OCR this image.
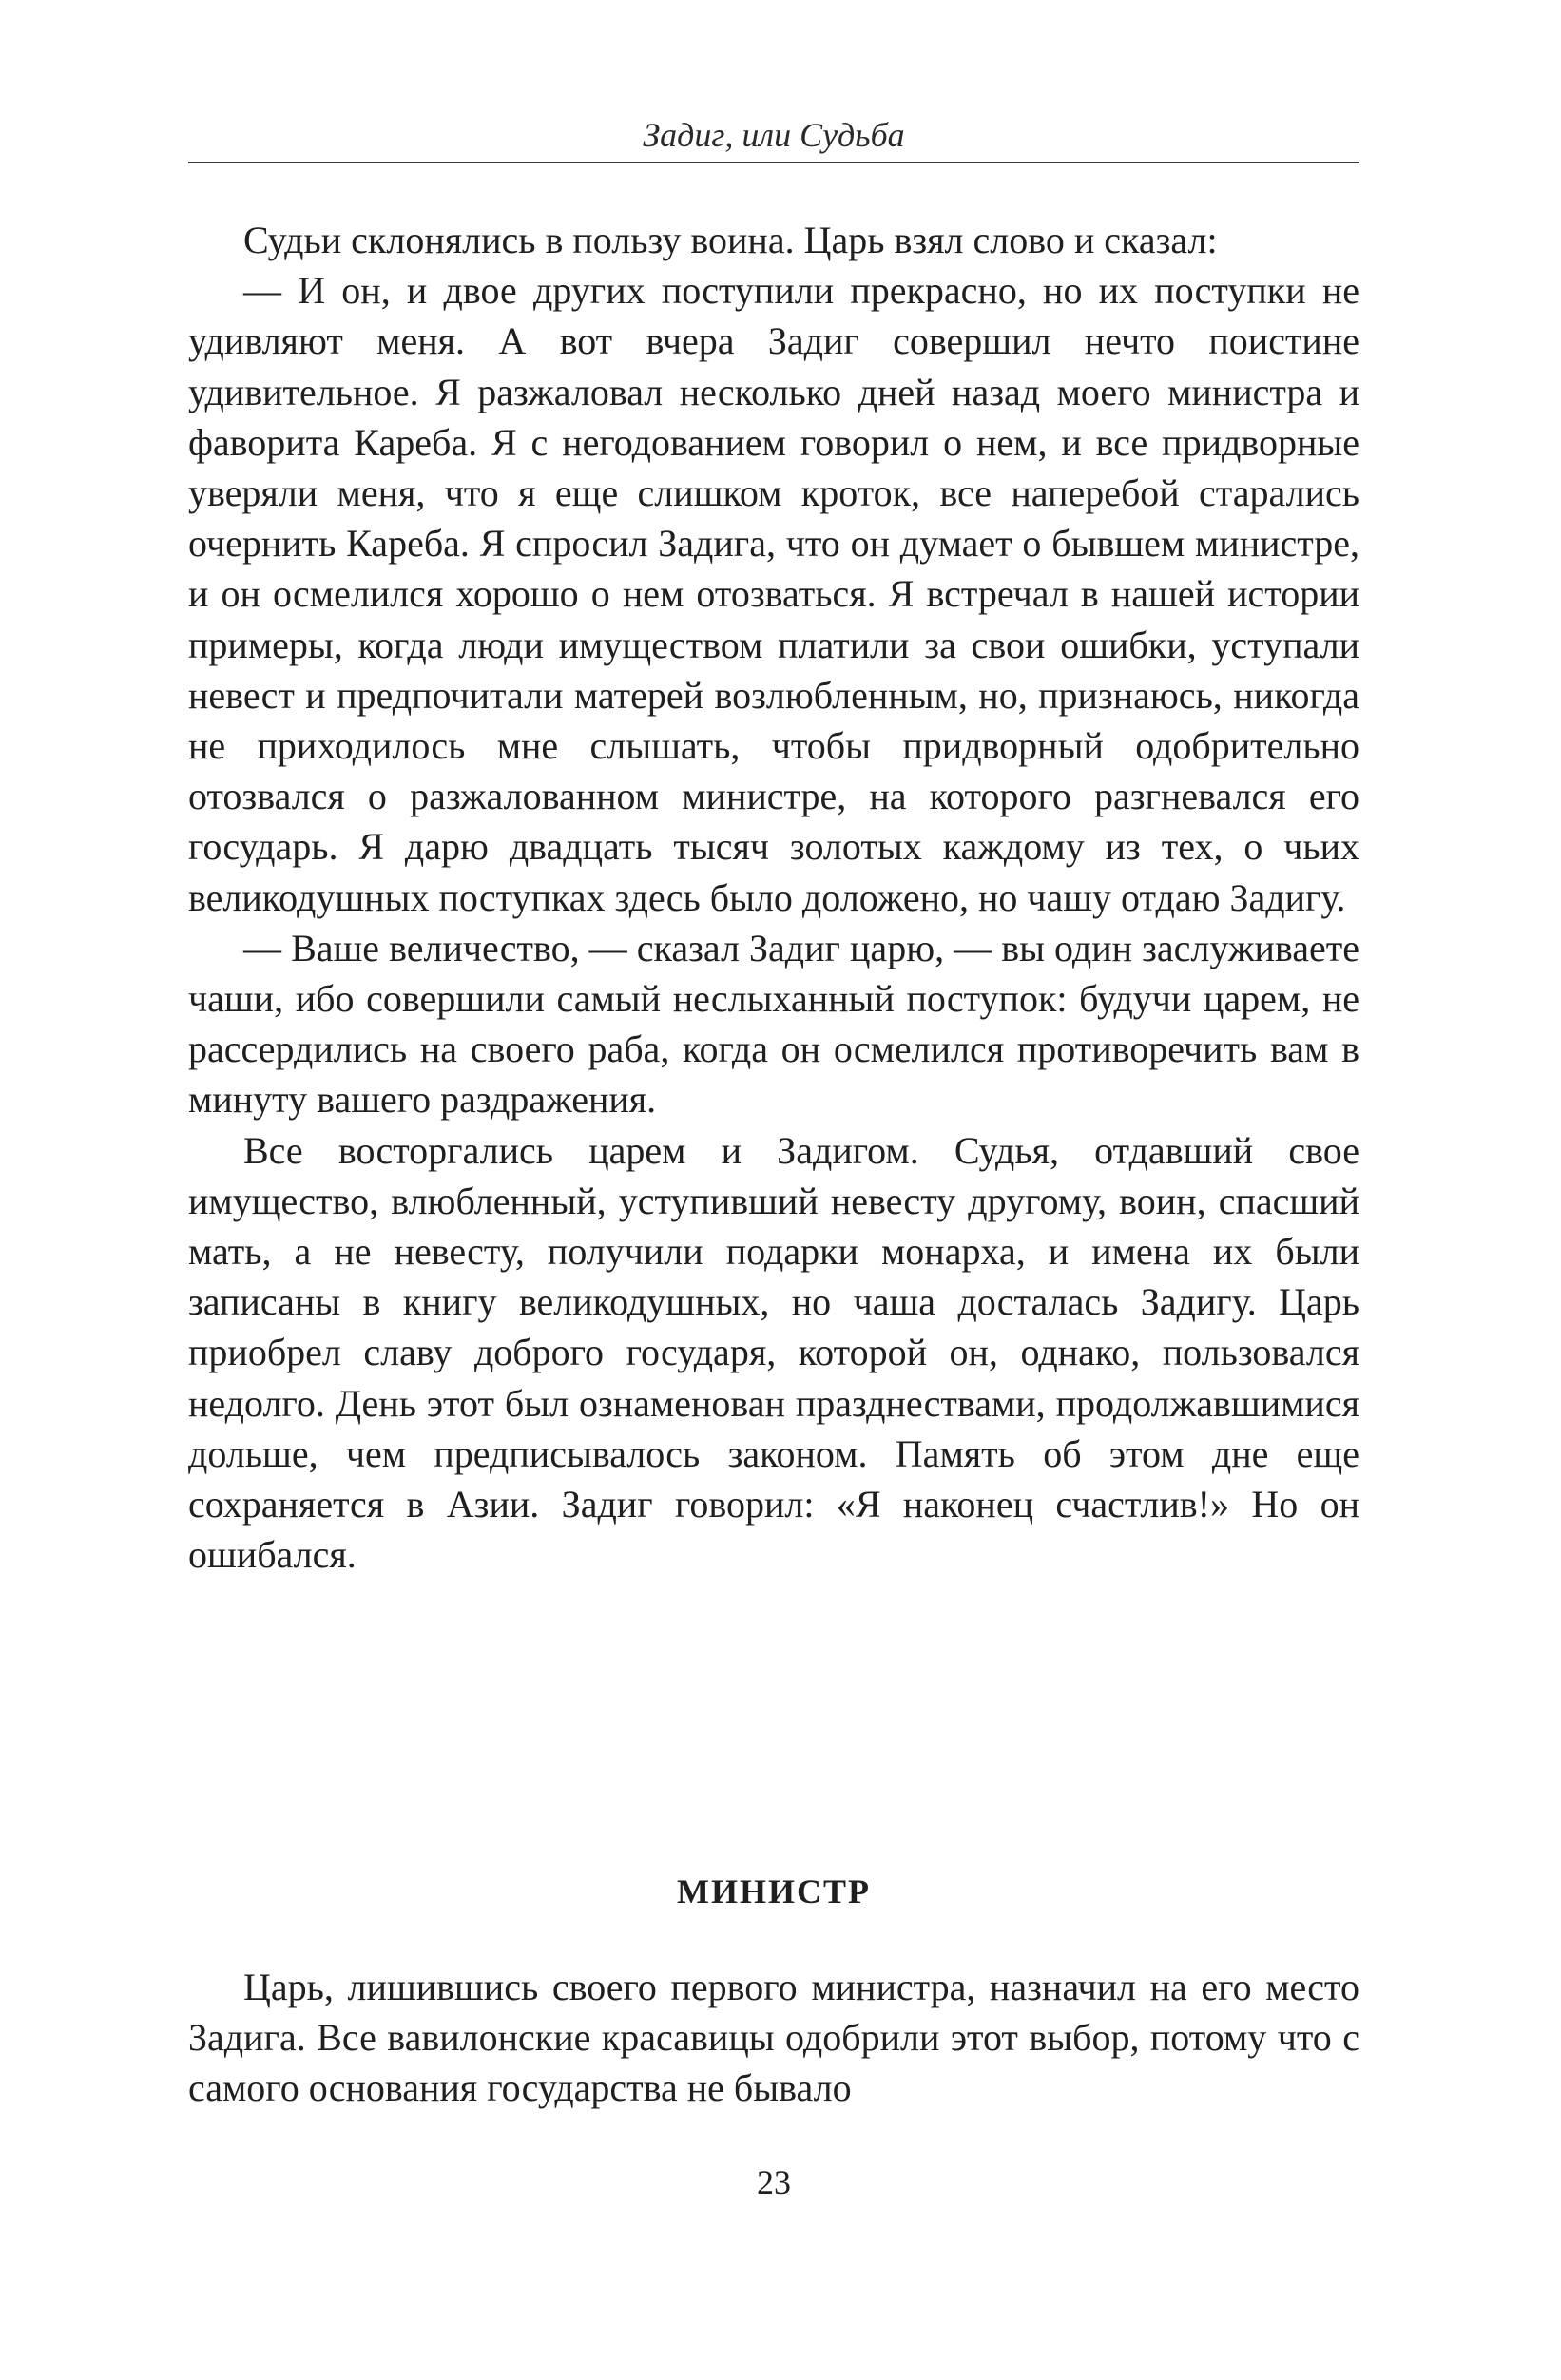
Задиг, или Судьба

Судьи склонялись в пользу воина. Царь взял слово и сказал:

— И он, и двое других поступили прекрасно, но их поступки не удивляют меня. А вот вчера Задиг совершил нечто поистине удивительное. Я разжаловал несколько дней назад моего министра и фаворита Кареба. Я с негодованием говорил о нем, и все придворные уверяли меня, что я еще слишком кроток, все наперебой старались очернить Кареба. Я спросил Задига, что он думает о бывшем министре, и он осмелился хорошо о нем отозваться. Я встречал в нашей истории примеры, когда люди имуществом платили за свои ошибки, уступали невест и предпочитали матерей возлюбленным, но, признаюсь, никогда не приходилось мне слышать, чтобы придворный одобрительно отозвался о разжалованном министре, на которого разгневался его государь. Я дарю двадцать тысяч золотых каждому из тех, о чьих великодушных поступках здесь было доложено, но чашу отдаю Задигу.

— Ваше величество, — сказал Задиг царю, — вы один заслуживаете чаши, ибо совершили самый неслыханный поступок: будучи царем, не рассердились на своего раба, когда он осмелился противоречить вам в минуту вашего раздражения.

Все восторгались царем и Задигом. Судья, отдавший свое имущество, влюбленный, уступивший невесту другому, воин, спасший мать, а не невесту, получили подарки монарха, и имена их были записаны в книгу великодушных, но чаша досталась Задигу. Царь приобрел славу доброго государя, которой он, однако, пользовался недолго. День этот был ознаменован празднествами, продолжавшимися дольше, чем предписывалось законом. Память об этом дне еще сохраняется в Азии. Задиг говорил: «Я наконец счастлив!» Но он ошибался.

МИНИСТР

Царь, лишившись своего первого министра, назначил на его место Задига. Все вавилонские красавицы одобрили этот выбор, потому что с самого основания государства не бывало

23
